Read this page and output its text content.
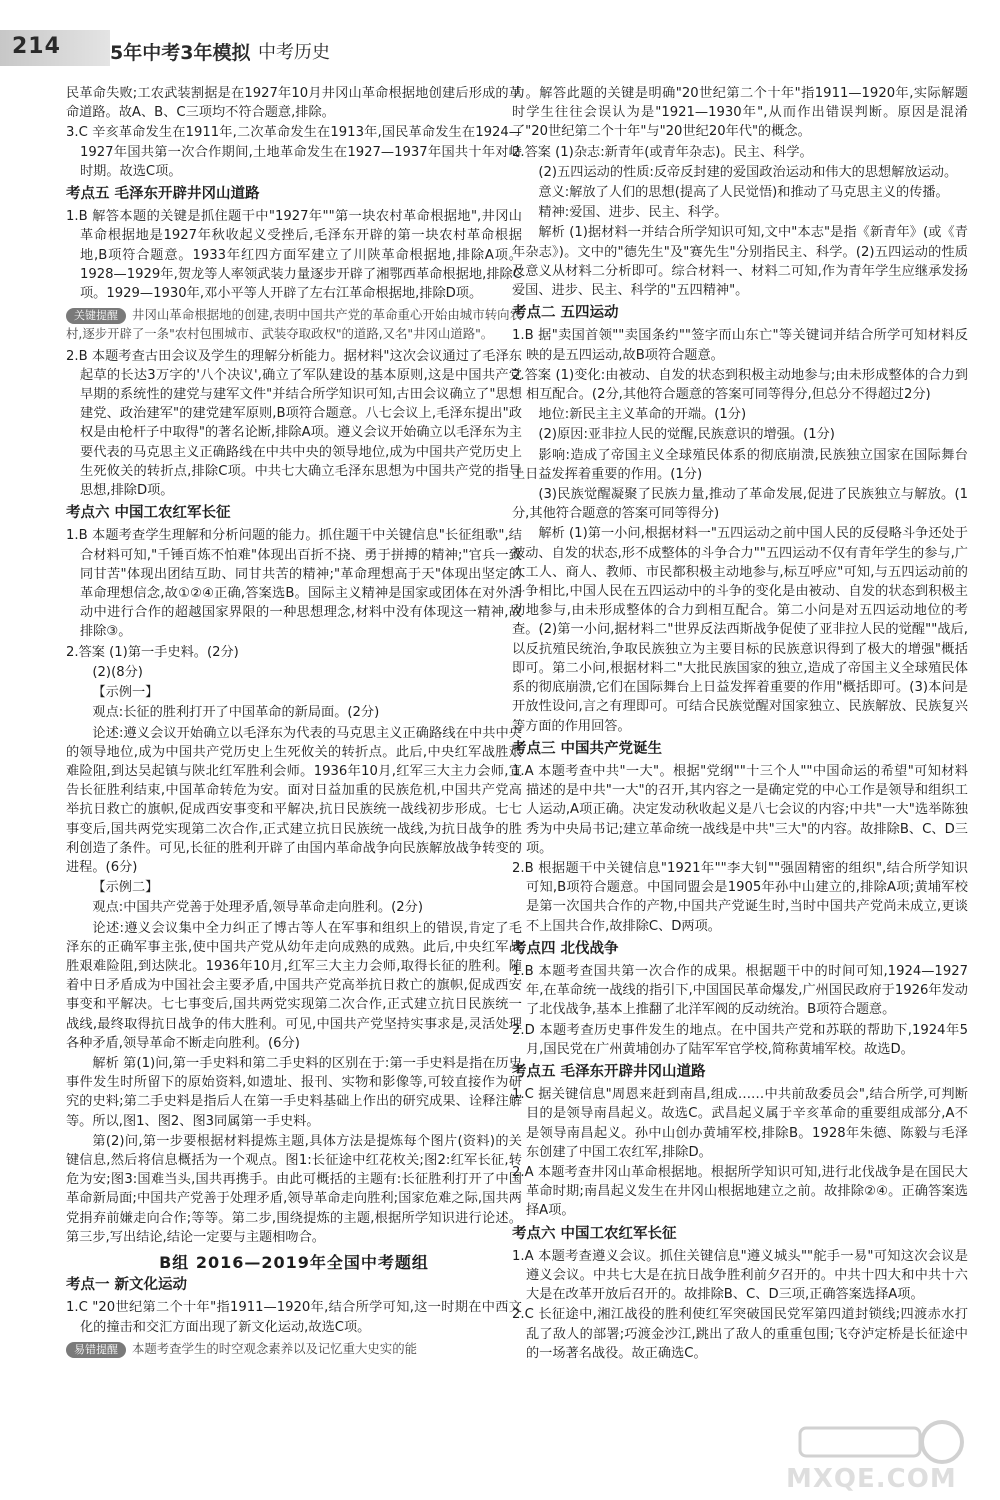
214	5年中考3年模拟 中考历史

民革命失败;工农武装割据是在1927年10月井冈山革命根据地创建后形成的革命道路。故A、B、C三项均不符合题意,排除。

3.C 辛亥革命发生在1911年,二次革命发生在1913年,国民革命发生在1924—1927年国共第一次合作期间,土地革命发生在1927—1937年国共十年对峙时期。故选C项。

考点五 毛泽东开辟井冈山道路

1.B 解答本题的关键是抓住题干中"1927年""第一块农村革命根据地",井冈山革命根据地是1927年秋收起义受挫后,毛泽东开辟的第一块农村革命根据地,B项符合题意。1933年红四方面军建立了川陕革命根据地,排除A项。1928—1929年,贺龙等人率领武装力量逐步开辟了湘鄂西革命根据地,排除C项。1929—1930年,邓小平等人开辟了左右江革命根据地,排除D项。

关键提醒 井冈山革命根据地的创建,表明中国共产党的革命重心开始由城市转向农村,逐步开辟了一条"农村包围城市、武装夺取政权"的道路,又名"井冈山道路"。

2.B 本题考查古田会议及学生的理解分析能力。据材料"这次会议通过了毛泽东起草的长达3万字的'八个决议',确立了军队建设的基本原则,这是中国共产党早期的系统性的建党与建军文件"并结合所学知识可知,古田会议确立了"思想建党、政治建军"的建党建军原则,B项符合题意。八七会议上,毛泽东提出"政权是由枪杆子中取得"的著名论断,排除A项。遵义会议开始确立以毛泽东为主要代表的马克思主义正确路线在中共中央的领导地位,成为中国共产党历史上生死攸关的转折点,排除C项。中共七大确立毛泽东思想为中国共产党的指导思想,排除D项。

考点六 中国工农红军长征

1.B 本题考查学生理解和分析问题的能力。抓住题干中关键信息"长征组歌",结合材料可知,"千锤百炼不怕难"体现出百折不挠、勇于拼搏的精神;"官兵一致同甘苦"体现出团结互助、同甘共苦的精神;"革命理想高于天"体现出坚定的革命理想信念,故①②④正确,答案选B。国际主义精神是国家或团体在对外活动中进行合作的超越国家界限的一种思想理念,材料中没有体现这一精神,故排除③。

2.答案 (1)第一手史料。(2分)

(2)(8分)

【示例一】

观点:长征的胜利打开了中国革命的新局面。(2分)

论述:遵义会议开始确立以毛泽东为代表的马克思主义正确路线在中共中央的领导地位,成为中国共产党历史上生死攸关的转折点。此后,中央红军战胜艰难险阻,到达吴起镇与陕北红军胜利会师。1936年10月,红军三大主力会师,宣告长征胜利结束,中国革命转危为安。面对日益加重的民族危机,中国共产党高举抗日救亡的旗帜,促成西安事变和平解决,抗日民族统一战线初步形成。七七事变后,国共两党实现第二次合作,正式建立抗日民族统一战线,为抗日战争的胜利创造了条件。可见,长征的胜利开辟了由国内革命战争向民族解放战争转变的进程。(6分)

【示例二】

观点:中国共产党善于处理矛盾,领导革命走向胜利。(2分)

论述:遵义会议集中全力纠正了博古等人在军事和组织上的错误,肯定了毛泽东的正确军事主张,使中国共产党从幼年走向成熟的成熟。此后,中央红军战胜艰难险阻,到达陕北。1936年10月,红军三大主力会师,取得长征的胜利。随着中日矛盾成为中国社会主要矛盾,中国共产党高举抗日救亡的旗帜,促成西安事变和平解决。七七事变后,国共两党实现第二次合作,正式建立抗日民族统一战线,最终取得抗日战争的伟大胜利。可见,中国共产党坚持实事求是,灵活处理各种矛盾,领导革命不断走向胜利。(6分)

解析 第(1)问,第一手史料和第二手史料的区别在于:第一手史料是指在历史事件发生时所留下的原始资料,如遗址、报刊、实物和影像等,可较直接作为研究的史料;第二手史料是指后人在第一手史料基础上作出的研究成果、诠释注解等。所以,图1、图2、图3同属第一手史料。

第(2)问,第一步要根据材料提炼主题,具体方法是提炼每个图片(资料)的关键信息,然后将信息概括为一个观点。图1:长征途中红花枚关;图2:红军长征,转危为安;图3:国难当头,国共再携手。由此可概括的主题有:长征胜利打开了中国革命新局面;中国共产党善于处理矛盾,领导革命走向胜利;国家危难之际,国共两党捐弃前嫌走向合作;等等。第二步,围绕提炼的主题,根据所学知识进行论述。第三步,写出结论,结论一定要与主题相吻合。

B组 2016—2019年全国中考题组

考点一 新文化运动

1.C "20世纪第二个十年"指1911—1920年,结合所学可知,这一时期在中西文化的撞击和交汇方面出现了新文化运动,故选C项。

易错提醒 本题考查学生的时空观念素养以及记忆重大史实的能

力。解答此题的关键是明确"20世纪第二个十年"指1911—1920年,实际解题时学生往往会误认为是"1921—1930年",从而作出错误判断。原因是混淆了"20世纪第二个十年"与"20世纪20年代"的概念。

2.答案 (1)杂志:新青年(或青年杂志)。民主、科学。

(2)五四运动的性质:反帝反封建的爱国政治运动和伟大的思想解放运动。

意义:解放了人们的思想(提高了人民觉悟)和推动了马克思主义的传播。

精神:爱国、进步、民主、科学。

解析 (1)据材料一并结合所学知识可知,文中"本志"是指《新青年》(或《青年杂志》)。文中的"德先生"及"赛先生"分别指民主、科学。(2)五四运动的性质及意义从材料二分析即可。综合材料一、材料二可知,作为青年学生应继承发扬爱国、进步、民主、科学的"五四精神"。

考点二 五四运动

1.B 据"卖国首领""卖国条约""签字而山东亡"等关键词并结合所学可知材料反映的是五四运动,故B项符合题意。

2.答案 (1)变化:由被动、自发的状态到积极主动地参与;由未形成整体的合力到相互配合。(2分,其他符合题意的答案可同等得分,但总分不得超过2分)

地位:新民主主义革命的开端。(1分)

(2)原因:亚非拉人民的觉醒,民族意识的增强。(1分)

影响:造成了帝国主义全球殖民体系的彻底崩溃,民族独立国家在国际舞台上日益发挥着重要的作用。(1分)

(3)民族觉醒凝聚了民族力量,推动了革命发展,促进了民族独立与解放。(1分,其他符合题意的答案可同等得分)

解析 (1)第一小问,根据材料一"五四运动之前中国人民的反侵略斗争还处于被动、自发的状态,形不成整体的斗争合力""五四运动不仅有青年学生的参与,广大工人、商人、教师、市民都积极主动地参与,标互呼应"可知,与五四运动前的斗争相比,中国人民在五四运动中的斗争的变化是由被动、自发的状态到积极主动地参与,由未形成整体的合力到相互配合。第二小问是对五四运动地位的考查。(2)第一小问,据材料二"世界反法西斯战争促使了亚非拉人民的觉醒""战后,以反抗殖民统治,争取民族独立为主要目标的民族意识得到了极大的增强"概括即可。第二小问,根据材料二"大批民族国家的独立,造成了帝国主义全球殖民体系的彻底崩溃,它们在国际舞台上日益发挥着重要的作用"概括即可。(3)本问是开放性设问,言之有理即可。可结合民族觉醒对国家独立、民族解放、民族复兴等方面的作用回答。

考点三 中国共产党诞生

1.A 本题考查中共"一大"。根据"党纲""十三个人""中国命运的希望"可知材料描述的是中共"一大"的召开,其内容之一是确定党的中心工作是领导和组织工人运动,A项正确。决定发动秋收起义是八七会议的内容;中共"一大"选举陈独秀为中央局书记;建立革命统一战线是中共"三大"的内容。故排除B、C、D三项。

2.B 根据题干中关键信息"1921年""李大钊""强固精密的组织",结合所学知识可知,B项符合题意。中国同盟会是1905年孙中山建立的,排除A项;黄埔军校是第一次国共合作的产物,中国共产党诞生时,当时中国共产党尚未成立,更谈不上国共合作,故排除C、D两项。

考点四 北伐战争

1.B 本题考查国共第一次合作的成果。根据题干中的时间可知,1924—1927年,在革命统一战线的指引下,中国国民革命爆发,广州国民政府于1926年发动了北伐战争,基本上推翻了北洋军阀的反动统治。B项符合题意。

2.D 本题考查历史事件发生的地点。在中国共产党和苏联的帮助下,1924年5月,国民党在广州黄埔创办了陆军军官学校,简称黄埔军校。故选D。

考点五 毛泽东开辟井冈山道路

1.C 据关键信息"周恩来赶到南昌,组成……中共前敌委员会",结合所学,可判断目的是领导南昌起义。故选C。武昌起义属于辛亥革命的重要组成部分,A不是领导南昌起义。孙中山创办黄埔军校,排除B。1928年朱德、陈毅与毛泽东创建了中国工农红军,排除D。

2.A 本题考查井冈山革命根据地。根据所学知识可知,进行北伐战争是在国民大革命时期;南昌起义发生在井冈山根据地建立之前。故排除②④。正确答案选择A项。

考点六 中国工农红军长征

1.A 本题考查遵义会议。抓住关键信息"遵义城头""舵手一易"可知这次会议是遵义会议。中共七大是在抗日战争胜利前夕召开的。中共十四大和中共十六大是在改革开放后召开的。故排除B、C、D三项,正确答案选择A项。

2.C 长征途中,湘江战役的胜利使红军突破国民党军第四道封锁线;四渡赤水打乱了敌人的部署;巧渡金沙江,跳出了敌人的重重包围;飞夺泸定桥是长征途中的一场著名战役。故正确选C。

MXQE.COM
